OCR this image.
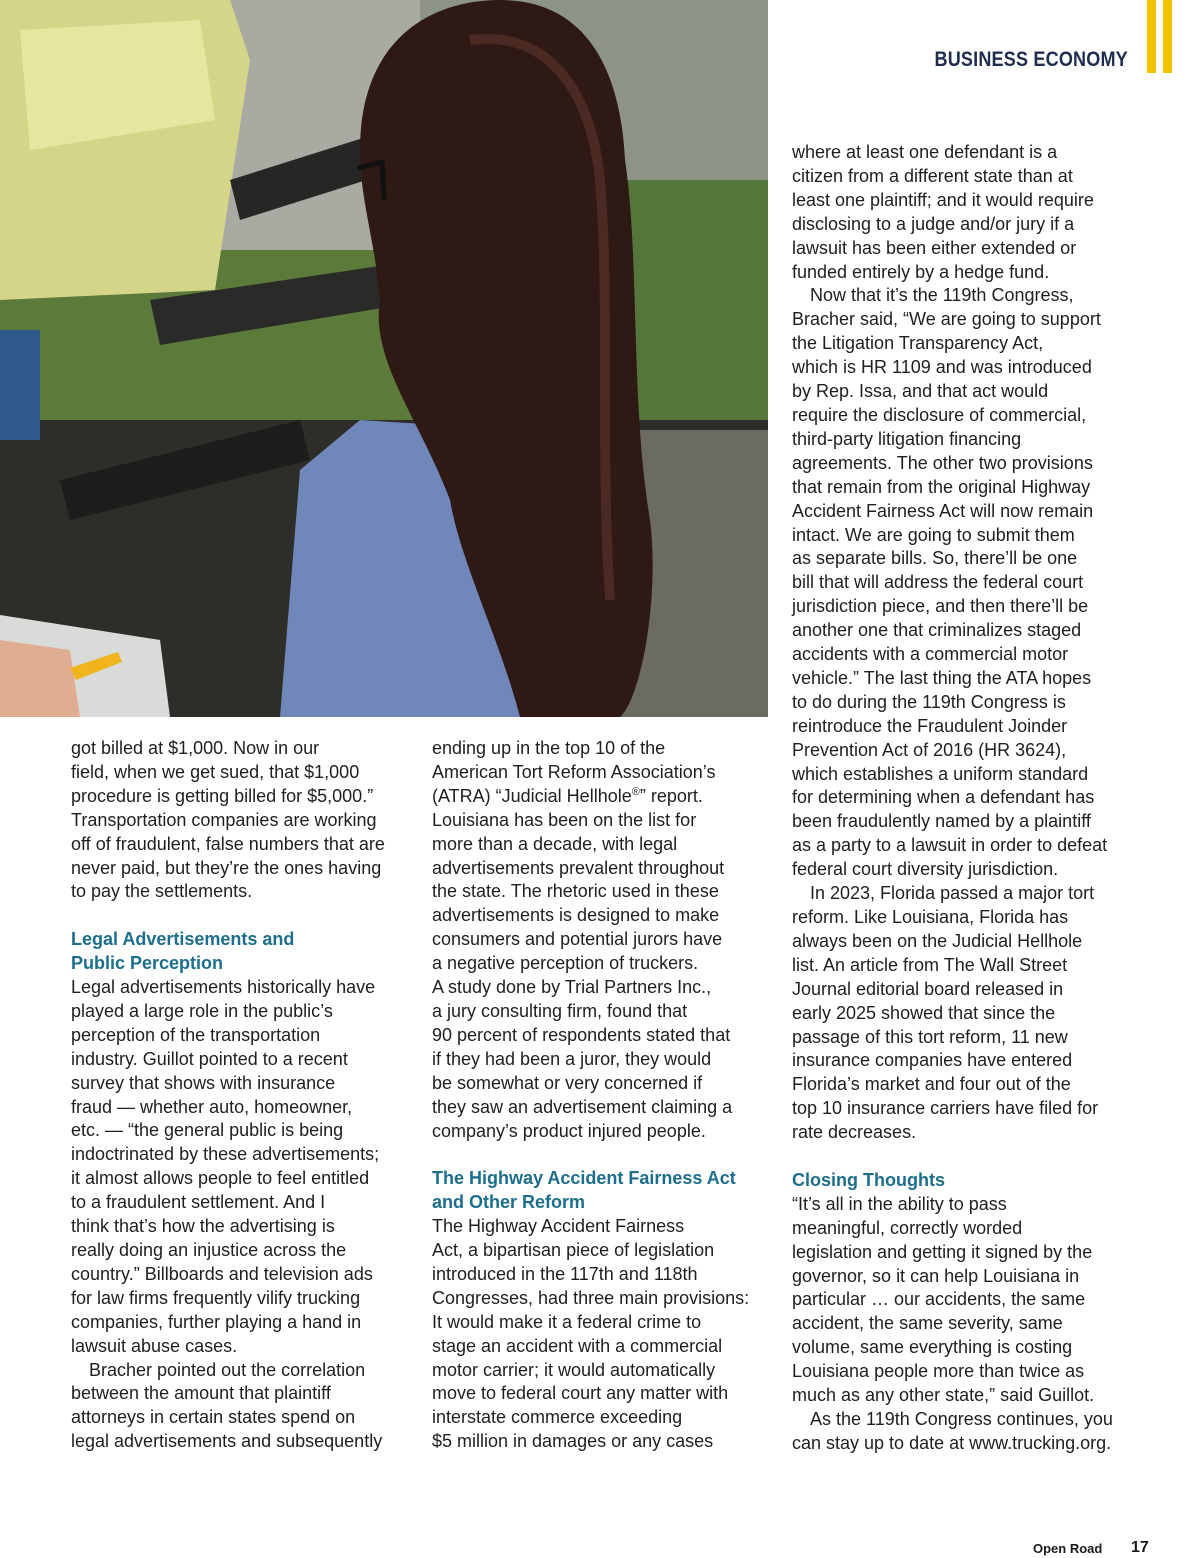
BUSINESS ECONOMY
got billed at $1,000. Now in our
field, when we get sued, that $1,000
procedure is getting billed for $5,000.”
Transportation companies are working
off of fraudulent, false numbers that are
never paid, but they’re the ones having
to pay the settlements.
Legal Advertisements and
Public Perception
Legal advertisements historically have
played a large role in the public’s
perception of the transportation
industry. Guillot pointed to a recent
survey that shows with insurance
fraud — whether auto, homeowner,
etc. — “the general public is being
indoctrinated by these advertisements;
it almost allows people to feel entitled
to a fraudulent settlement. And I
think that’s how the advertising is
really doing an injustice across the
country.” Billboards and television ads
for law firms frequently vilify trucking
companies, further playing a hand in
lawsuit abuse cases.
Bracher pointed out the correlation
between the amount that plaintiff
attorneys in certain states spend on
legal advertisements and subsequently
ending up in the top 10 of the
American Tort Reform Association’s
(ATRA) “Judicial Hellhole®” report.
Louisiana has been on the list for
more than a decade, with legal
advertisements prevalent throughout
the state. The rhetoric used in these
advertisements is designed to make
consumers and potential jurors have
a negative perception of truckers.
A study done by Trial Partners Inc.,
a jury consulting firm, found that
90 percent of respondents stated that
if they had been a juror, they would
be somewhat or very concerned if
they saw an advertisement claiming a
company’s product injured people.
The Highway Accident Fairness Act
and Other Reform
The Highway Accident Fairness
Act, a bipartisan piece of legislation
introduced in the 117th and 118th
Congresses, had three main provisions:
It would make it a federal crime to
stage an accident with a commercial
motor carrier; it would automatically
move to federal court any matter with
interstate commerce exceeding
$5 million in damages or any cases
where at least one defendant is a
citizen from a different state than at
least one plaintiff; and it would require
disclosing to a judge and/or jury if a
lawsuit has been either extended or
funded entirely by a hedge fund.
Now that it’s the 119th Congress,
Bracher said, “We are going to support
the Litigation Transparency Act,
which is HR 1109 and was introduced
by Rep. Issa, and that act would
require the disclosure of commercial,
third-party litigation financing
agreements. The other two provisions
that remain from the original Highway
Accident Fairness Act will now remain
intact. We are going to submit them
as separate bills. So, there’ll be one
bill that will address the federal court
jurisdiction piece, and then there’ll be
another one that criminalizes staged
accidents with a commercial motor
vehicle.” The last thing the ATA hopes
to do during the 119th Congress is
reintroduce the Fraudulent Joinder
Prevention Act of 2016 (HR 3624),
which establishes a uniform standard
for determining when a defendant has
been fraudulently named by a plaintiff
as a party to a lawsuit in order to defeat
federal court diversity jurisdiction.
In 2023, Florida passed a major tort
reform. Like Louisiana, Florida has
always been on the Judicial Hellhole
list. An article from The Wall Street
Journal editorial board released in
early 2025 showed that since the
passage of this tort reform, 11 new
insurance companies have entered
Florida’s market and four out of the
top 10 insurance carriers have filed for
rate decreases.
Closing Thoughts
“It’s all in the ability to pass
meaningful, correctly worded
legislation and getting it signed by the
governor, so it can help Louisiana in
particular … our accidents, the same
accident, the same severity, same
volume, same everything is costing
Louisiana people more than twice as
much as any other state,” said Guillot.
As the 119th Congress continues, you
can stay up to date at www.trucking.org.
Open Road 17
